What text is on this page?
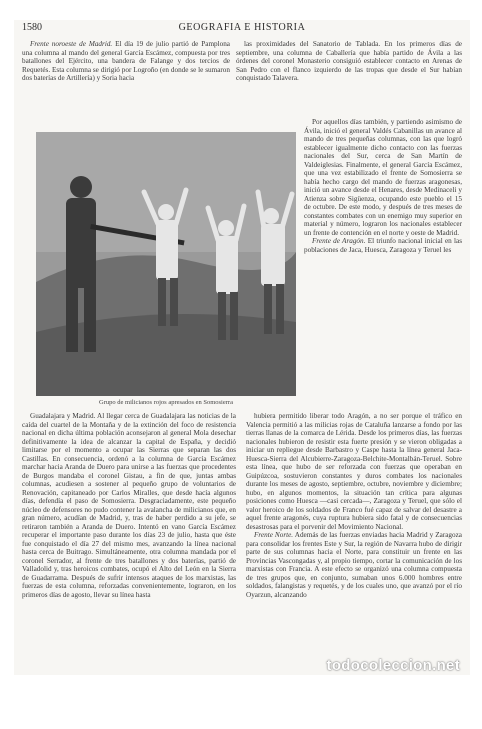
1580	GEOGRAFIA E HISTORIA

Frente noroeste de Madrid. El día 19 de julio partió de Pamplona una columna al mando del general García Escámez, compuesta por tres batallones del Ejército, una bandera de Falange y dos tercios de Requetés. Esta columna se dirigió por Logroño (en donde se le sumaron dos baterías de Artillería) y Soria hacia

las proximidades del Sanatorio de Tablada. En los primeros días de septiembre, una columna de Caballería que había partido de Ávila a las órdenes del coronel Monasterio consiguió establecer contacto en Arenas de San Pedro con el flanco izquierdo de las tropas que desde el Sur habían conquistado Talavera.

Grupo de milicianos rojos apresados en Somosierra

Por aquellos días también, y partiendo asimismo de Ávila, inició el general Valdés Cabanillas un avance al mando de tres pequeñas columnas, con las que logró establecer igualmente dicho contacto con las fuerzas nacionales del Sur, cerca de San Martín de Valdeiglesias. Finalmente, el general García Escámez, que una vez estabilizado el frente de Somosierra se había hecho cargo del mando de fuerzas aragonesas, inició un avance desde el Henares, desde Medinaceli y Atienza sobre Sigüenza, ocupando este pueblo el 15 de octubre. De este modo, y después de tres meses de constantes combates con un enemigo muy superior en material y número, lograron los nacionales establecer un frente de contención en el norte y oeste de Madrid.

Frente de Aragón. El triunfo nacional inicial en las poblaciones de Jaca, Huesca, Zaragoza y Teruel les

Guadalajara y Madrid. Al llegar cerca de Guadalajara las noticias de la caída del cuartel de la Montaña y de la extinción del foco de resistencia nacional en dicha última población aconsejaron al general Mola desechar definitivamente la idea de alcanzar la capital de España, y decidió limitarse por el momento a ocupar las Sierras que separan las dos Castillas. En consecuencia, ordenó a la columna de García Escámez marchar hacia Aranda de Duero para unirse a las fuerzas que procedentes de Burgos mandaba el coronel Gistau, a fin de que, juntas ambas columnas, acudiesen a sostener al pequeño grupo de voluntarios de Renovación, capitaneado por Carlos Miralles, que desde hacía algunos días, defendía el paso de Somosierra. Desgraciadamente, este pequeño núcleo de defensores no pudo contener la avalancha de milicianos que, en gran número, acudían de Madrid, y, tras de haber perdido a su jefe, se retiraron también a Aranda de Duero. Intentó en vano García Escámez recuperar el importante paso durante los días 23 de julio, hasta que éste fue conquistado el día 27 del mismo mes, avanzando la línea nacional hasta cerca de Buitrago. Simultáneamente, otra columna mandada por el coronel Serrador, al frente de tres batallones y dos baterías, partió de Valladolid y, tras heroicos combates, ocupó el Alto del León en la Sierra de Guadarrama. Después de sufrir intensos ataques de los marxistas, las fuerzas de esta columna, reforzadas convenientemente, lograron, en los primeros días de agosto, llevar su línea hasta

hubiera permitido liberar todo Aragón, a no ser porque el tráfico en Valencia permitió a las milicias rojas de Cataluña lanzarse a fondo por las tierras llanas de la comarca de Lérida. Desde los primeros días, las fuerzas nacionales hubieron de resistir esta fuerte presión y se vieron obligadas a iniciar un repliegue desde Barbastro y Caspe hasta la línea general Jaca-Huesca-Sierra del Alcubierre-Zaragoza-Belchite-Montalbán-Teruel. Sobre esta línea, que hubo de ser reforzada con fuerzas que operaban en Guipúzcoa, sostuvieron constantes y duros combates los nacionales durante los meses de agosto, septiembre, octubre, noviembre y diciembre; hubo, en algunos momentos, la situación tan crítica para algunas posiciones como Huesca —casi cercada—, Zaragoza y Teruel, que sólo el valor heroico de los soldados de Franco fué capaz de salvar del desastre a aquel frente aragonés, cuya ruptura hubiera sido fatal y de consecuencias desastrosas para el porvenir del Movimiento Nacional.

Frente Norte. Además de las fuerzas enviadas hacia Madrid y Zaragoza para consolidar los frentes Este y Sur, la región de Navarra hubo de dirigir parte de sus columnas hacia el Norte, para constituir un frente en las Provincias Vascongadas y, al propio tiempo, cortar la comunicación de los marxistas con Francia. A este efecto se organizó una columna compuesta de tres grupos que, en conjunto, sumaban unos 6.000 hombres entre soldados, falangistas y requetés, y de los cuales uno, que avanzó por el río Oyarzun, alcanzando

todocoleccion.net
